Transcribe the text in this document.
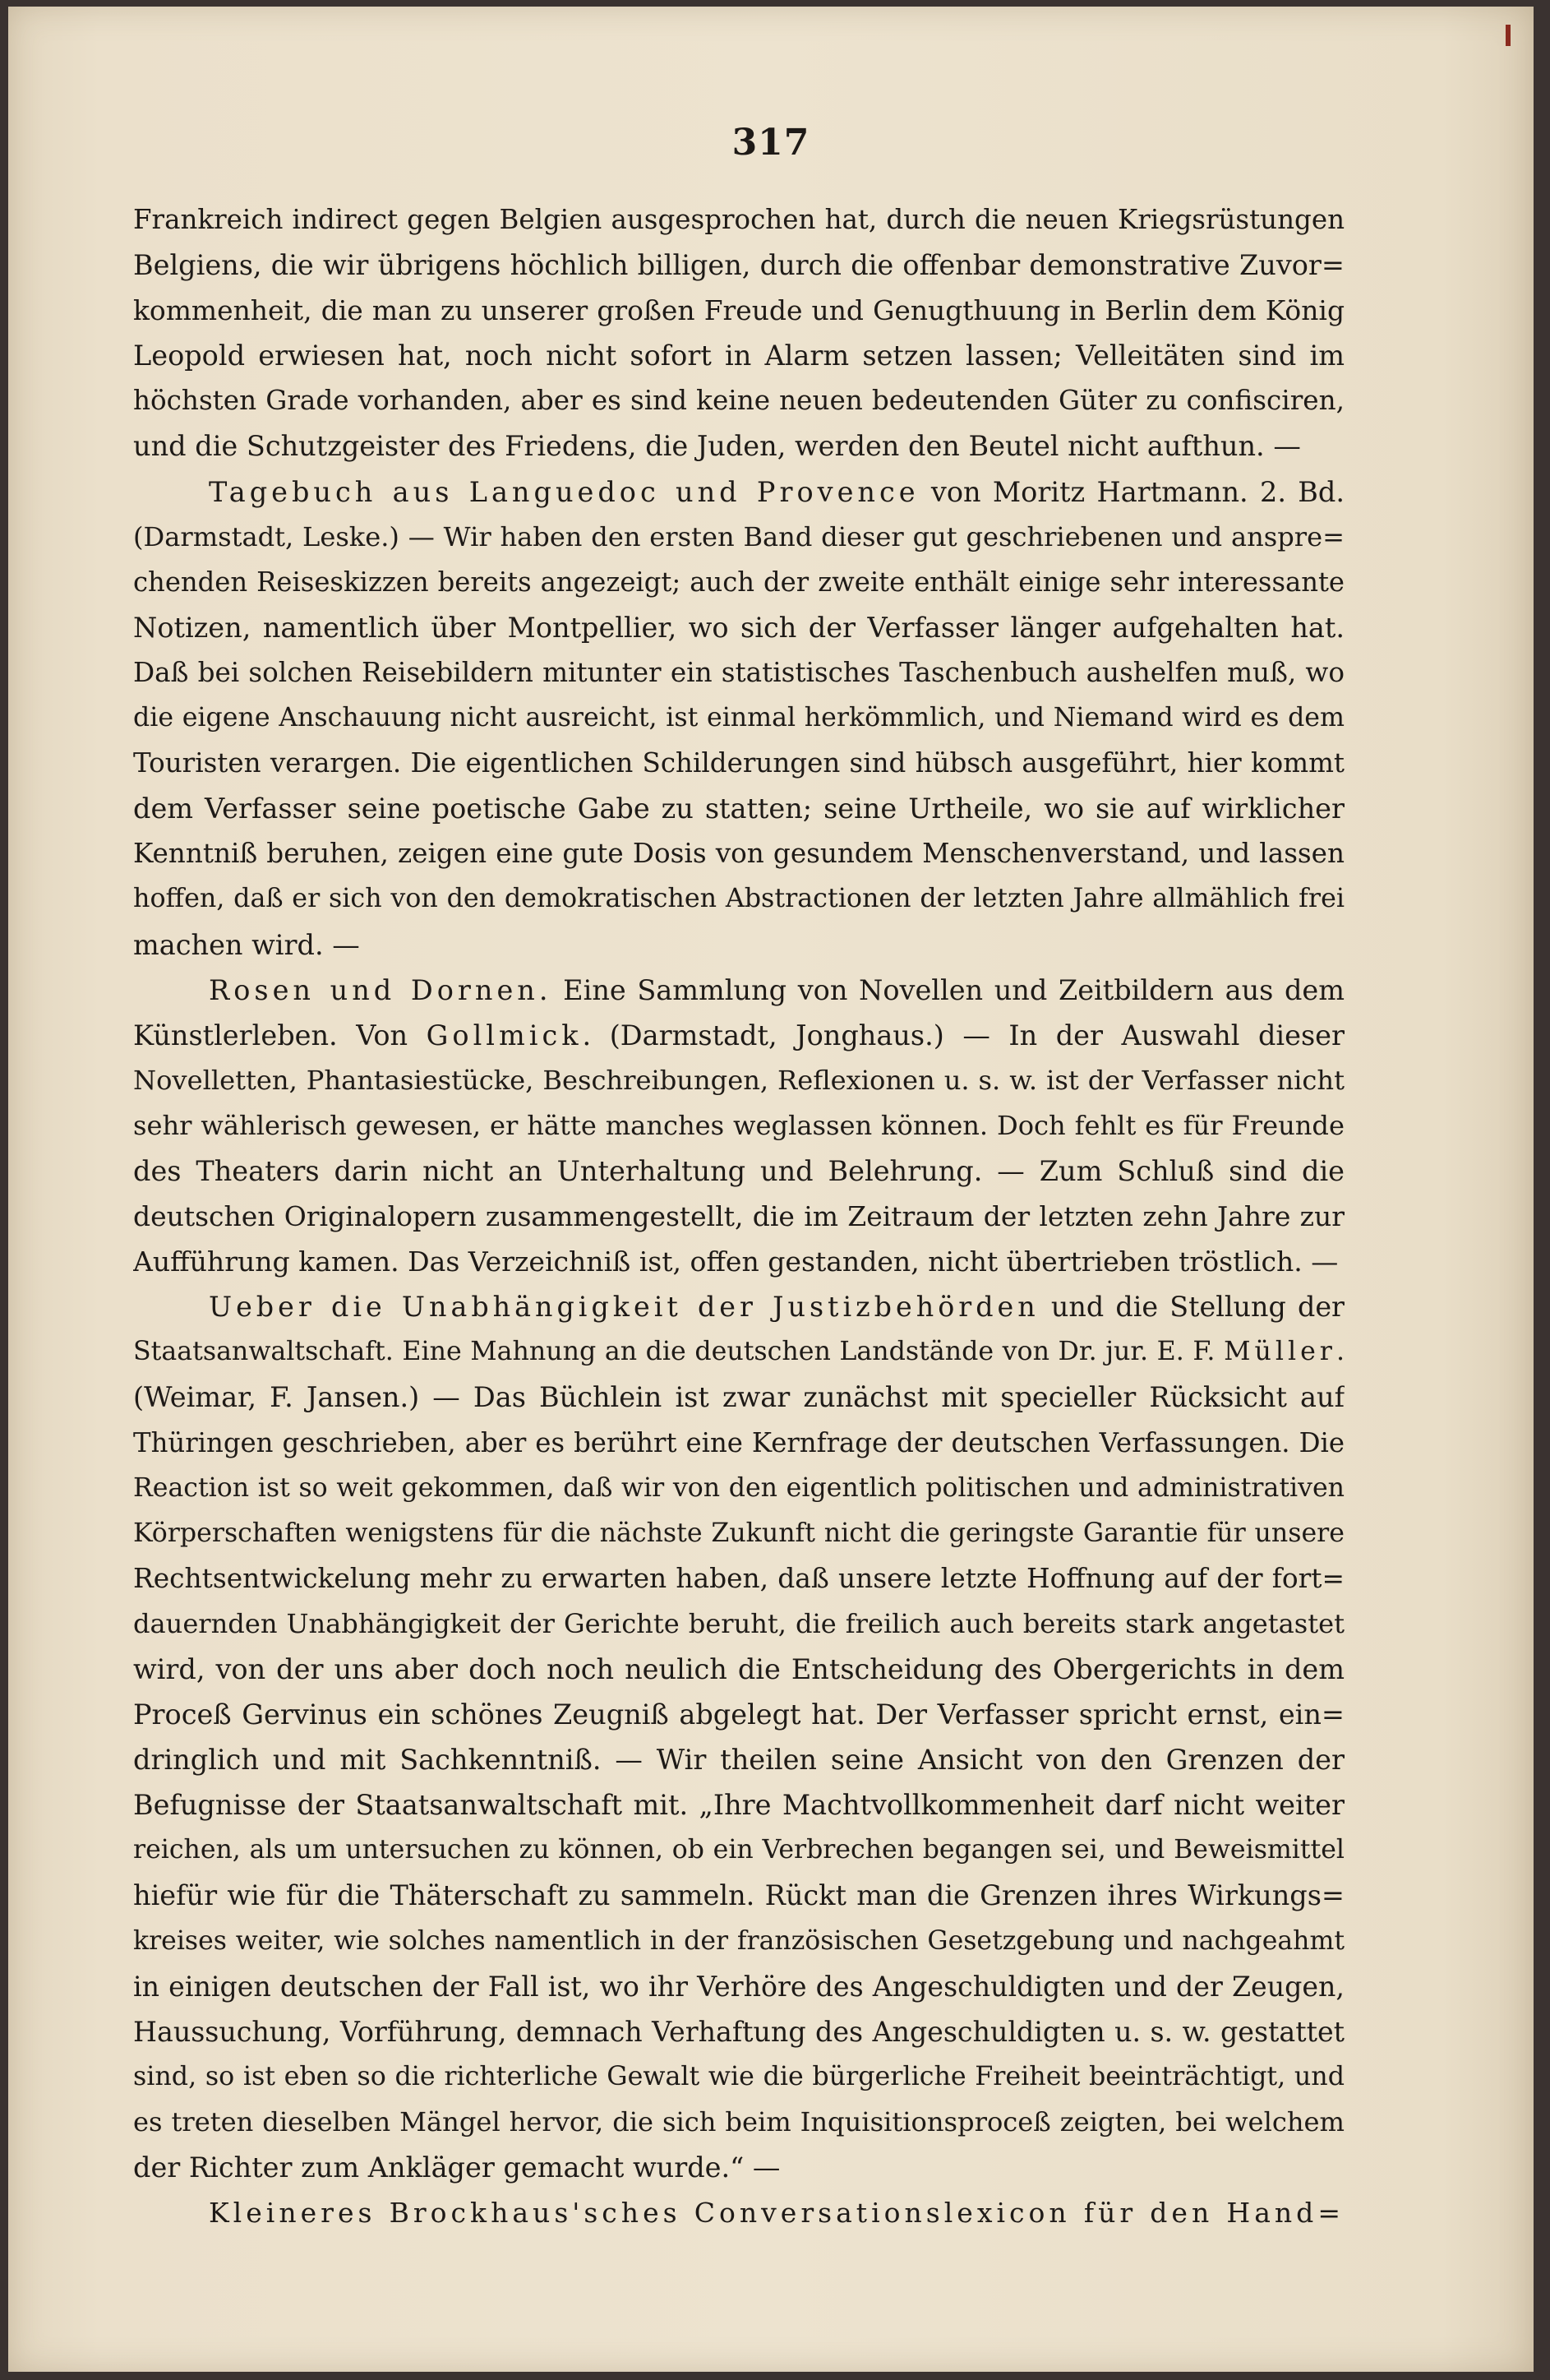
317
Frankreich indirect gegen Belgien ausgesprochen hat, durch die neuen Kriegsrüstungen
Belgiens, die wir übrigens höchlich billigen, durch die offenbar demonstrative Zuvor=
kommenheit, die man zu unserer großen Freude und Genugthuung in Berlin dem König
Leopold erwiesen hat, noch nicht sofort in Alarm setzen lassen; Velleitäten sind im
höchsten Grade vorhanden, aber es sind keine neuen bedeutenden Güter zu confisciren,
und die Schutzgeister des Friedens, die Juden, werden den Beutel nicht aufthun. —
Tagebuch aus Languedoc und Provence von Moritz Hartmann. 2. Bd.
(Darmstadt, Leske.) — Wir haben den ersten Band dieser gut geschriebenen und anspre=
chenden Reiseskizzen bereits angezeigt; auch der zweite enthält einige sehr interessante
Notizen, namentlich über Montpellier, wo sich der Verfasser länger aufgehalten hat.
Daß bei solchen Reisebildern mitunter ein statistisches Taschenbuch aushelfen muß, wo
die eigene Anschauung nicht ausreicht, ist einmal herkömmlich, und Niemand wird es dem
Touristen verargen. Die eigentlichen Schilderungen sind hübsch ausgeführt, hier kommt
dem Verfasser seine poetische Gabe zu statten; seine Urtheile, wo sie auf wirklicher
Kenntniß beruhen, zeigen eine gute Dosis von gesundem Menschenverstand, und lassen
hoffen, daß er sich von den demokratischen Abstractionen der letzten Jahre allmählich frei
machen wird. —
Rosen und Dornen. Eine Sammlung von Novellen und Zeitbildern aus dem
Künstlerleben. Von Gollmick. (Darmstadt, Jonghaus.) — In der Auswahl dieser
Novelletten, Phantasiestücke, Beschreibungen, Reflexionen u. s. w. ist der Verfasser nicht
sehr wählerisch gewesen, er hätte manches weglassen können. Doch fehlt es für Freunde
des Theaters darin nicht an Unterhaltung und Belehrung. — Zum Schluß sind die
deutschen Originalopern zusammengestellt, die im Zeitraum der letzten zehn Jahre zur
Aufführung kamen. Das Verzeichniß ist, offen gestanden, nicht übertrieben tröstlich. —
Ueber die Unabhängigkeit der Justizbehörden und die Stellung der
Staatsanwaltschaft. Eine Mahnung an die deutschen Landstände von Dr. jur. E. F. Müller.
(Weimar, F. Jansen.) — Das Büchlein ist zwar zunächst mit specieller Rücksicht auf
Thüringen geschrieben, aber es berührt eine Kernfrage der deutschen Verfassungen. Die
Reaction ist so weit gekommen, daß wir von den eigentlich politischen und administrativen
Körperschaften wenigstens für die nächste Zukunft nicht die geringste Garantie für unsere
Rechtsentwickelung mehr zu erwarten haben, daß unsere letzte Hoffnung auf der fort=
dauernden Unabhängigkeit der Gerichte beruht, die freilich auch bereits stark angetastet
wird, von der uns aber doch noch neulich die Entscheidung des Obergerichts in dem
Proceß Gervinus ein schönes Zeugniß abgelegt hat. Der Verfasser spricht ernst, ein=
dringlich und mit Sachkenntniß. — Wir theilen seine Ansicht von den Grenzen der
Befugnisse der Staatsanwaltschaft mit. „Ihre Machtvollkommenheit darf nicht weiter
reichen, als um untersuchen zu können, ob ein Verbrechen begangen sei, und Beweismittel
hiefür wie für die Thäterschaft zu sammeln. Rückt man die Grenzen ihres Wirkungs=
kreises weiter, wie solches namentlich in der französischen Gesetzgebung und nachgeahmt
in einigen deutschen der Fall ist, wo ihr Verhöre des Angeschuldigten und der Zeugen,
Haussuchung, Vorführung, demnach Verhaftung des Angeschuldigten u. s. w. gestattet
sind, so ist eben so die richterliche Gewalt wie die bürgerliche Freiheit beeinträchtigt, und
es treten dieselben Mängel hervor, die sich beim Inquisitionsproceß zeigten, bei welchem
der Richter zum Ankläger gemacht wurde.“ —
Kleineres Brockhaus'sches Conversationslexicon für den Hand=
